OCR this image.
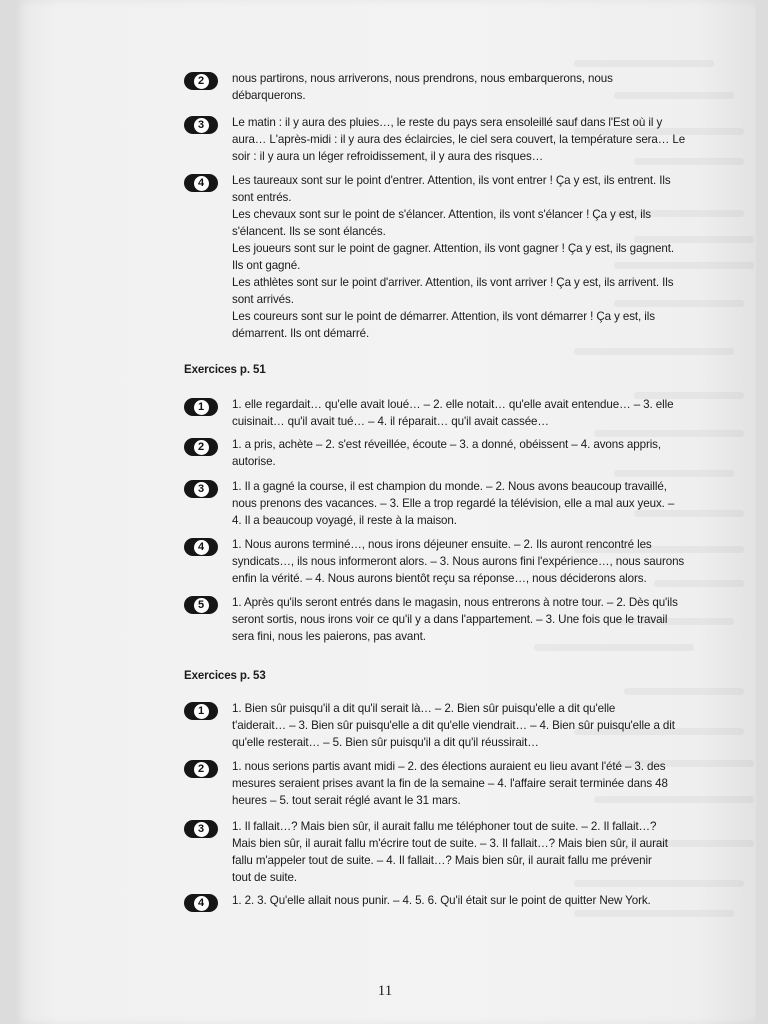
2	nous partirons, nous arriverons, nous prendrons, nous embarquerons, nous
débarquerons.
3	Le matin : il y aura des pluies…, le reste du pays sera ensoleillé sauf dans l'Est où il y
aura… L'après-midi : il y aura des éclaircies, le ciel sera couvert, la température sera… Le
soir : il y aura un léger refroidissement, il y aura des risques…
4	Les taureaux sont sur le point d'entrer. Attention, ils vont entrer ! Ça y est, ils entrent. Ils
sont entrés.
Les chevaux sont sur le point de s'élancer. Attention, ils vont s'élancer ! Ça y est, ils
s'élancent. Ils se sont élancés.
Les joueurs sont sur le point de gagner. Attention, ils vont gagner ! Ça y est, ils gagnent.
Ils ont gagné.
Les athlètes sont sur le point d'arriver. Attention, ils vont arriver ! Ça y est, ils arrivent. Ils
sont arrivés.
Les coureurs sont sur le point de démarrer. Attention, ils vont démarrer ! Ça y est, ils
démarrent. Ils ont démarré.
Exercices p. 51
1	1. elle regardait… qu'elle avait loué… – 2. elle notait… qu'elle avait entendue… – 3. elle
cuisinait… qu'il avait tué… – 4. il réparait… qu'il avait cassée…
2	1. a pris, achète – 2. s'est réveillée, écoute – 3. a donné, obéissent – 4. avons appris,
autorise.
3	1. Il a gagné la course, il est champion du monde. – 2. Nous avons beaucoup travaillé,
nous prenons des vacances. – 3. Elle a trop regardé la télévision, elle a mal aux yeux. –
4. Il a beaucoup voyagé, il reste à la maison.
4	1. Nous aurons terminé…, nous irons déjeuner ensuite. – 2. Ils auront rencontré les
syndicats…, ils nous informeront alors. – 3. Nous aurons fini l'expérience…, nous saurons
enfin la vérité. – 4. Nous aurons bientôt reçu sa réponse…, nous déciderons alors.
5	1. Après qu'ils seront entrés dans le magasin, nous entrerons à notre tour. – 2. Dès qu'ils
seront sortis, nous irons voir ce qu'il y a dans l'appartement. – 3. Une fois que le travail
sera fini, nous les paierons, pas avant.
Exercices p. 53
1	1. Bien sûr puisqu'il a dit qu'il serait là… – 2. Bien sûr puisqu'elle a dit qu'elle
t'aiderait… – 3. Bien sûr puisqu'elle a dit qu'elle viendrait… – 4. Bien sûr puisqu'elle a dit
qu'elle resterait… – 5. Bien sûr puisqu'il a dit qu'il réussirait…
2	1. nous serions partis avant midi – 2. des élections auraient eu lieu avant l'été – 3. des
mesures seraient prises avant la fin de la semaine – 4. l'affaire serait terminée dans 48
heures – 5. tout serait réglé avant le 31 mars.
3	1. Il fallait…? Mais bien sûr, il aurait fallu me téléphoner tout de suite. – 2. Il fallait…?
Mais bien sûr, il aurait fallu m'écrire tout de suite. – 3. Il fallait…? Mais bien sûr, il aurait
fallu m'appeler tout de suite. – 4. Il fallait…? Mais bien sûr, il aurait fallu me prévenir
tout de suite.
4	1. 2. 3. Qu'elle allait nous punir. – 4. 5. 6. Qu'il était sur le point de quitter New York.
11
